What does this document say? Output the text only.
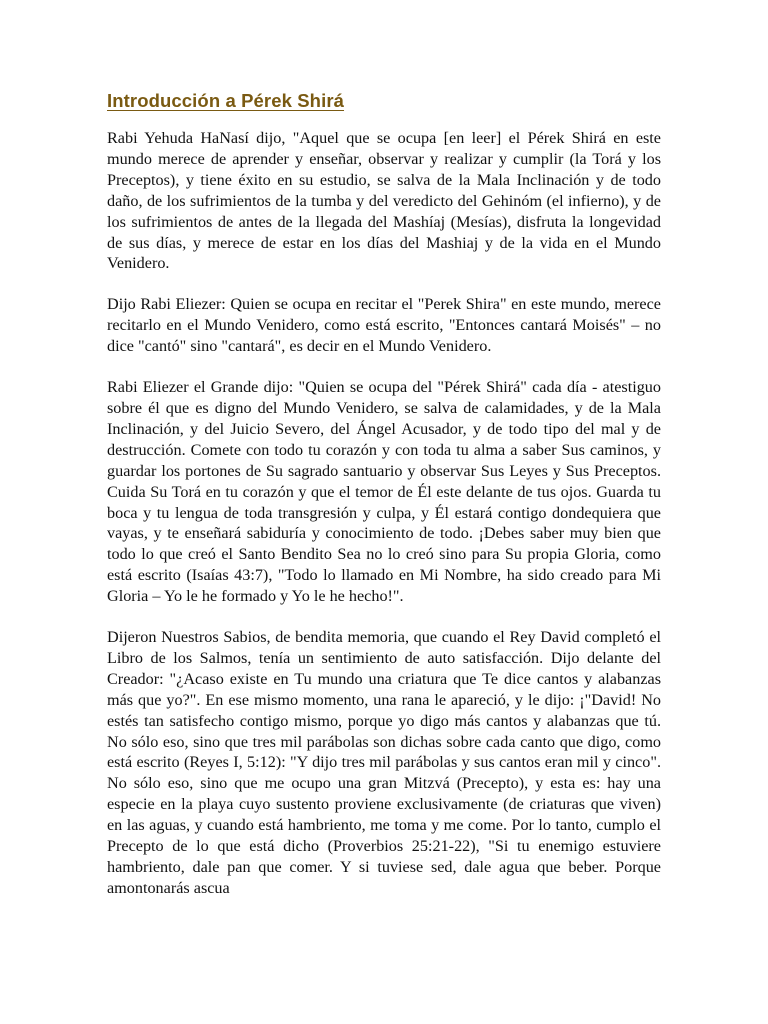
Introducción a Pérek Shirá

Rabi Yehuda HaNasí dijo, "Aquel que se ocupa [en leer] el Pérek Shirá en este mundo merece de aprender y enseñar, observar y realizar y cumplir (la Torá y los Preceptos), y tiene éxito en su estudio, se salva de la Mala Inclinación y de todo daño, de los sufrimientos de la tumba y del veredicto del Gehinóm (el infierno), y de los sufrimientos de antes de la llegada del Mashíaj (Mesías), disfruta la longevidad de sus días, y merece de estar en los días del Mashiaj y de la vida en el Mundo Venidero.

Dijo Rabi Eliezer: Quien se ocupa en recitar el "Perek Shira" en este mundo, merece recitarlo en el Mundo Venidero, como está escrito, "Entonces cantará Moisés" – no dice "cantó" sino "cantará", es decir en el Mundo Venidero.

Rabi Eliezer el Grande dijo: "Quien se ocupa del "Pérek Shirá" cada día - atestiguo sobre él que es digno del Mundo Venidero, se salva de calamidades, y de la Mala Inclinación, y del Juicio Severo, del Ángel Acusador, y de todo tipo del mal y de destrucción. Comete con todo tu corazón y con toda tu alma a saber Sus caminos, y guardar los portones de Su sagrado santuario y observar Sus Leyes y Sus Preceptos. Cuida Su Torá en tu corazón y que el temor de Él este delante de tus ojos. Guarda tu boca y tu lengua de toda transgresión y culpa, y Él estará contigo dondequiera que vayas, y te enseñará sabiduría y conocimiento de todo. ¡Debes saber muy bien que todo lo que creó el Santo Bendito Sea no lo creó sino para Su propia Gloria, como está escrito (Isaías 43:7), "Todo lo llamado en Mi Nombre, ha sido creado para Mi Gloria – Yo le he formado y Yo le he hecho!".

Dijeron Nuestros Sabios, de bendita memoria, que cuando el Rey David completó el Libro de los Salmos, tenía un sentimiento de auto satisfacción. Dijo delante del Creador: "¿Acaso existe en Tu mundo una criatura que Te dice cantos y alabanzas más que yo?". En ese mismo momento, una rana le apareció, y le dijo: ¡"David! No estés tan satisfecho contigo mismo, porque yo digo más cantos y alabanzas que tú. No sólo eso, sino que tres mil parábolas son dichas sobre cada canto que digo, como está escrito (Reyes I, 5:12): "Y dijo tres mil parábolas y sus cantos eran mil y cinco". No sólo eso, sino que me ocupo una gran Mitzvá (Precepto), y esta es: hay una especie en la playa cuyo sustento proviene exclusivamente (de criaturas que viven) en las aguas, y cuando está hambriento, me toma y me come. Por lo tanto, cumplo el Precepto de lo que está dicho (Proverbios 25:21-22), "Si tu enemigo estuviere hambriento, dale pan que comer. Y si tuviese sed, dale agua que beber. Porque amontonarás ascua
